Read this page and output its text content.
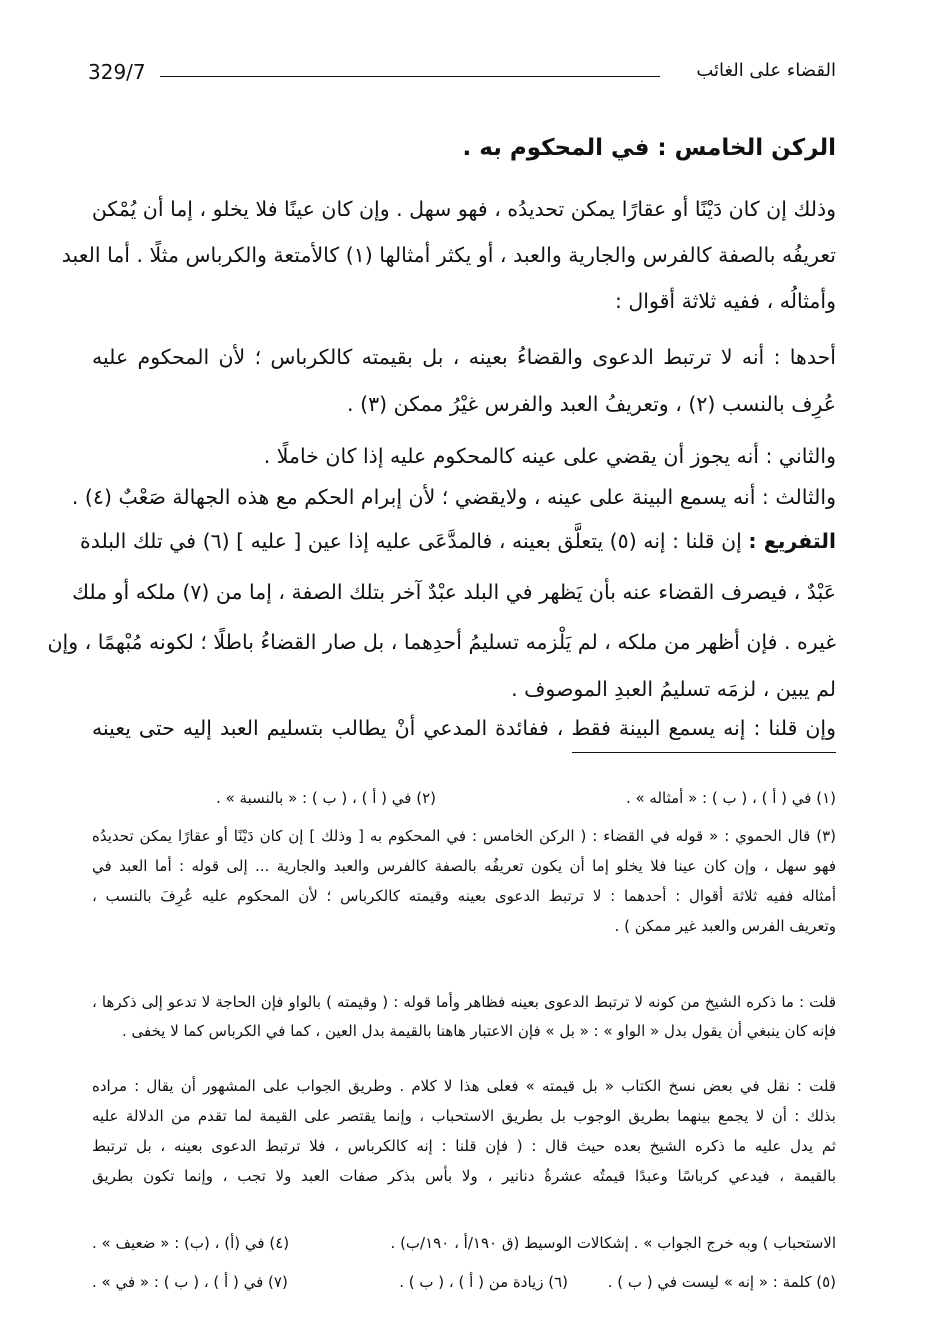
329/7	القضاء على الغائب
الركن الخامس : في المحكوم به .
وذلك إن كان دَيْنًا أو عقارًا يمكن تحديدُه ، فهو سهل . وإن كان عينًا فلا يخلو ، إما أن يُمْكن
تعريفُه بالصفة كالفرس والجارية والعبد ، أو يكثر أمثالها (١) كالأمتعة والكرباس مثلًا . أما العبد
وأمثالُه ، ففيه ثلاثة أقوال :
أحدها : أنه لا ترتبط الدعوى والقضاءُ بعينه ، بل بقيمته كالكرباس ؛ لأن المحكوم عليه
عُرِف بالنسب (٢) ، وتعريفُ العبد والفرس غيْرُ ممكن (٣) .
والثاني : أنه يجوز أن يقضي على عينه كالمحكوم عليه إذا كان خاملًا .
والثالث : أنه يسمع البينة على عينه ، ولايقضي ؛ لأن إبرام الحكم مع هذه الجهالة صَعْبٌ (٤) .
التفريع : إن قلنا : إنه (٥) يتعلَّق بعينه ، فالمدَّعَى عليه إذا عين [ عليه ] (٦) في تلك البلدة
عَبْدٌ ، فيصرف القضاء عنه بأن يَظهر في البلد عبْدٌ آخر بتلك الصفة ، إما من (٧) ملكه أو ملك
غيره . فإن أظهر من ملكه ، لم يَلْزمه تسليمُ أحدِهما ، بل صار القضاءُ باطلًا ؛ لكونه مُبْهمًا ، وإن
لم يبين ، لزمَه تسليمُ العبدِ الموصوف .
وإن قلنا : إنه يسمع البينة فقط ، ففائدة المدعي أنْ يطالب بتسليم العبد إليه حتى يعينه
(١) في ( أ ) ، ( ب ) : « أمثاله » .
(٢) في ( أ ) ، ( ب ) : « بالنسبة » .
(٣) قال الحموي : « قوله في القضاء : ( الركن الخامس : في المحكوم به [ وذلك ] إن كان دَيْنًا أو عقارًا يمكن تحديدُه
فهو سهل ، وإن كان عينا فلا يخلو إما أن يكون تعريفُه بالصفة كالفرس والعبد والجارية ... إلى قوله : أما العبد في
أمثاله ففيه ثلاثة أقوال : أحدهما : لا ترتبط الدعوى بعينه وقيمته كالكرباس ؛ لأن المحكوم عليه عُرِفَ بالنسب ،
وتعريف الفرس والعبد غير ممكن ) .
قلت : ما ذكره الشيخ من كونه لا ترتبط الدعوى بعينه فظاهر وأما قوله : ( وقيمته ) بالواو فإن الحاجة لا تدعو إلى ذكرها ،
فإنه كان ينبغي أن يقول بدل « الواو » : « بل » فإن الاعتبار هاهنا بالقيمة بدل العين ، كما في الكرباس كما لا يخفى .
قلت : نقل في بعض نسخ الكتاب « بل قيمته » فعلى هذا لا كلام . وطريق الجواب على المشهور أن يقال : مراده
بذلك : أن لا يجمع بينهما بطريق الوجوب بل بطريق الاستحباب ، وإنما يقتصر على القيمة لما تقدم من الدلالة عليه
ثم يدل عليه ما ذكره الشيخ بعده حيث قال : ( فإن قلنا : إنه كالكرباس ، فلا ترتبط الدعوى بعينه ، بل ترتبط
بالقيمة ، فيدعي كرباسًا وعبدًا قيمتُه عشرةُ دنانير ، ولا بأس بذكر صفات العبد ولا تجب ، وإنما تكون بطريق
الاستحباب ) وبه خرج الجواب » . إشكالات الوسيط (ق ١٩٠/أ ، ١٩٠/ب) .
(٤) في (أ) ، (ب) : « ضعيف » .
(٥) كلمة : « إنه » ليست في ( ب ) .
(٦) زيادة من ( أ ) ، ( ب ) .
(٧) في ( أ ) ، ( ب ) : « في » .
